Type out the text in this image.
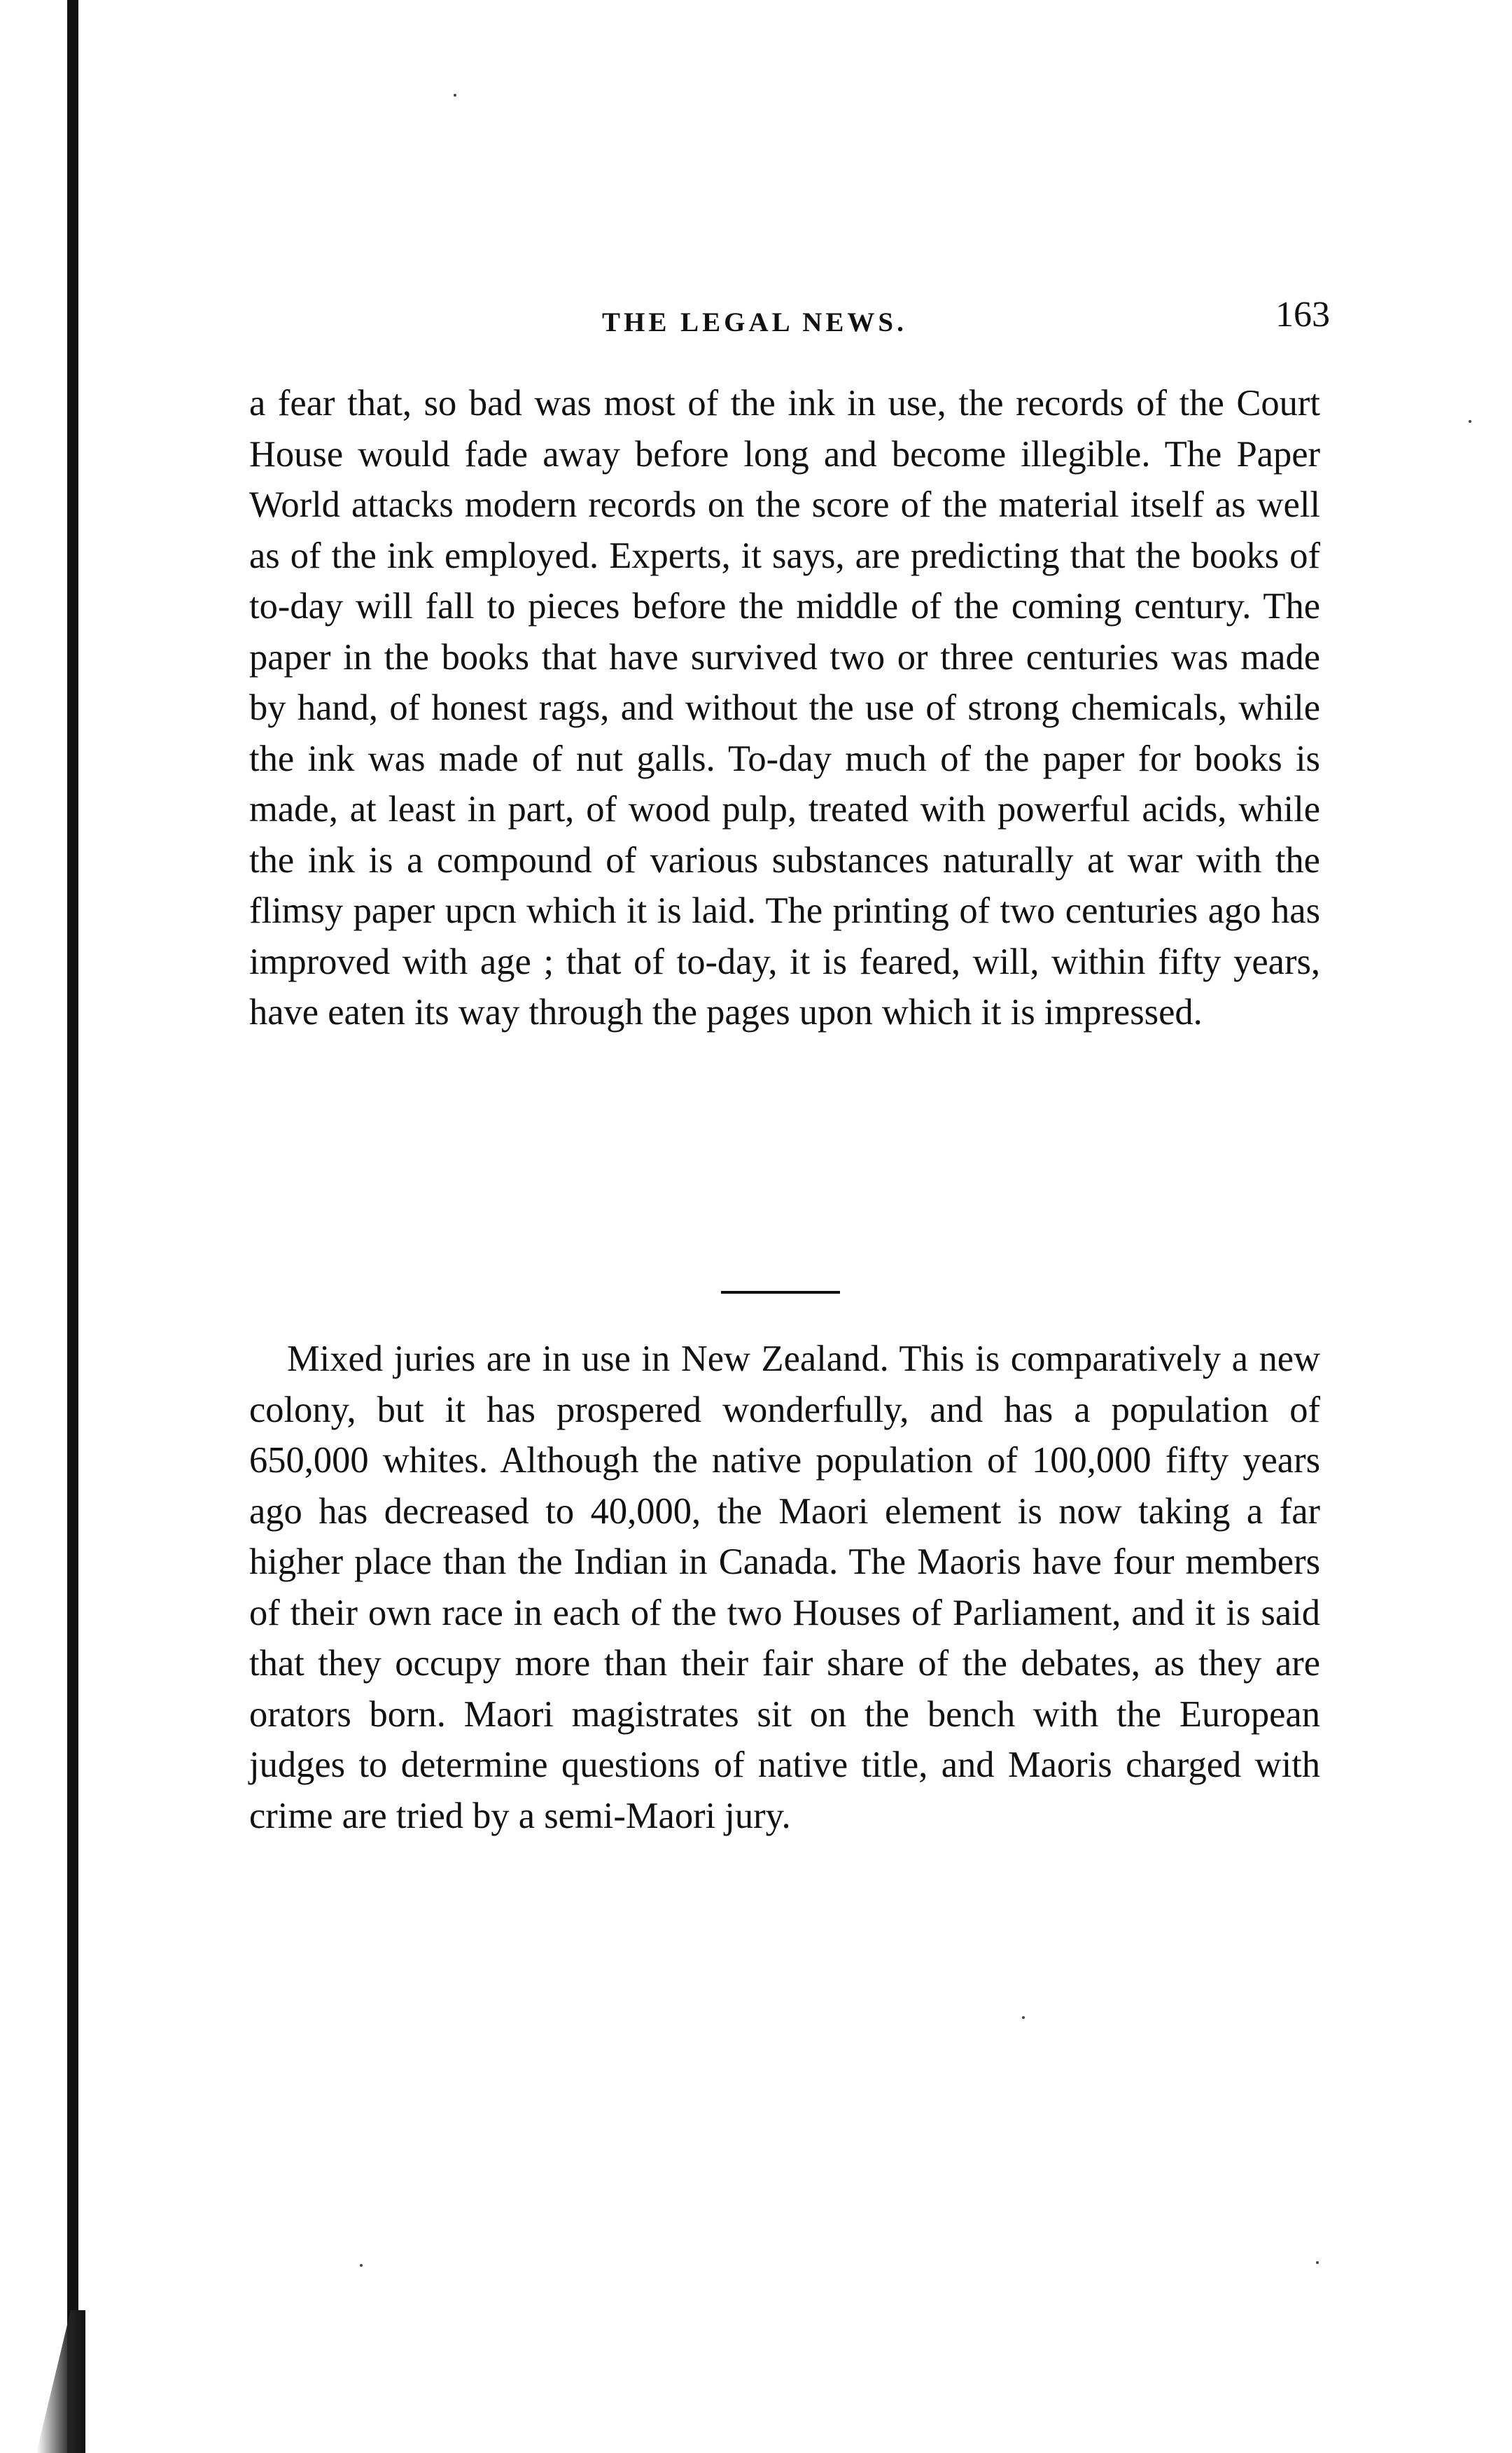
THE LEGAL NEWS.	163

a fear that, so bad was most of the ink in use, the records of the Court House would fade away before long and become illegible. The Paper World attacks modern records on the score of the material itself as well as of the ink employed. Experts, it says, are predicting that the books of to-day will fall to pieces before the middle of the coming century. The paper in the books that have survived two or three centuries was made by hand, of honest rags, and without the use of strong chemicals, while the ink was made of nut galls. To-day much of the paper for books is made, at least in part, of wood pulp, treated with powerful acids, while the ink is a compound of various substances naturally at war with the flimsy paper upcn which it is laid. The printing of two centuries ago has improved with age ; that of to-day, it is feared, will, within fifty years, have eaten its way through the pages upon which it is impressed.

Mixed juries are in use in New Zealand. This is comparatively a new colony, but it has prospered wonderfully, and has a population of 650,000 whites. Although the native population of 100,000 fifty years ago has decreased to 40,000, the Maori element is now taking a far higher place than the Indian in Canada. The Maoris have four members of their own race in each of the two Houses of Parliament, and it is said that they occupy more than their fair share of the debates, as they are orators born. Maori magistrates sit on the bench with the European judges to determine questions of native title, and Maoris charged with crime are tried by a semi-Maori jury.
